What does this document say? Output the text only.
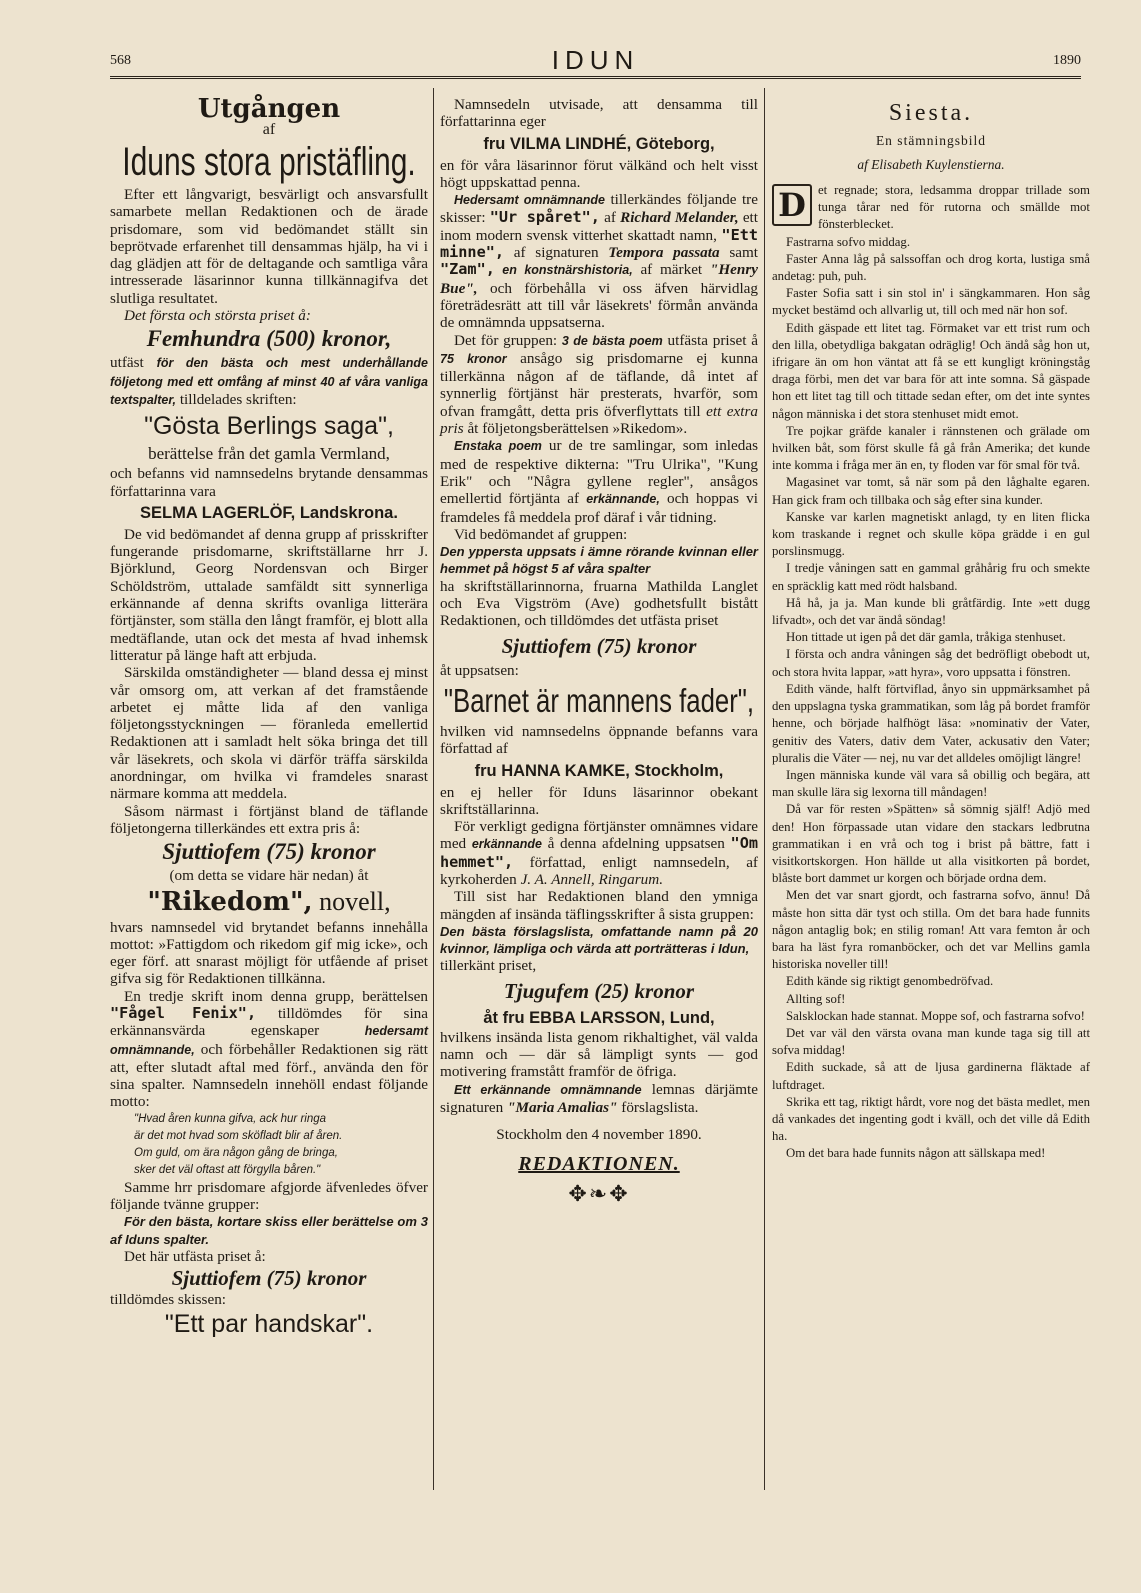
568	IDUN	1890
Utgången
af
Iduns stora pristäfling.

Efter ett långvarigt, besvärligt och ansvarsfullt samarbete mellan Redaktionen och de ärade prisdomare, som vid bedömandet ställt sin beprötvade erfarenhet till densammas hjälp, ha vi i dag glädjen att för de deltagande och samtliga våra intresserade läsarinnor kunna tillkännagifva det slutliga resultatet.

Det första och största priset å:

Femhundra (500) kronor,

utfäst för den bästa och mest underhållande följetong med ett omfång af minst 40 af våra vanliga textspalter, tilldelades skriften:

"Gösta Berlings saga",

berättelse från det gamla Vermland,

och befanns vid namnsedelns brytande densammas författarinna vara

SELMA LAGERLÖF, Landskrona.

De vid bedömandet af denna grupp af prisskrifter fungerande prisdomarne, skriftställarne hrr J. Björklund, Georg Nordensvan och Birger Schöldström, uttalade samfäldt sitt synnerliga erkännande af denna skrifts ovanliga litterära förtjänster, som ställa den långt framför, ej blott alla medtäflande, utan ock det mesta af hvad inhemsk litteratur på länge haft att erbjuda.

Särskilda omständigheter — bland dessa ej minst vår omsorg om, att verkan af det framstående arbetet ej måtte lida af den vanliga följetongsstyckningen — föranleda emellertid Redaktionen att i samladt helt söka bringa det till vår läsekrets, och skola vi därför träffa särskilda anordningar, om hvilka vi framdeles snarast närmare komma att meddela.

Såsom närmast i förtjänst bland de täflande följetongerna tillerkändes ett extra pris å:

Sjuttiofem (75) kronor

(om detta se vidare här nedan) åt

"Rikedom", novell,

hvars namnsedel vid brytandet befanns innehålla mottot: »Fattigdom och rikedom gif mig icke», och eger förf. att snarast möjligt för utfående af priset gifva sig för Redaktionen tillkänna.

En tredje skrift inom denna grupp, berättelsen "Fågel Fenix", tilldömdes för sina erkännansvärda egenskaper hedersamt omnämnande, och förbehåller Redaktionen sig rätt att, efter slutadt aftal med förf., använda den för sina spalter. Namnsedeln innehöll endast följande motto:

"Hvad åren kunna gifva, ack hur ringa
är det mot hvad som sköfladt blir af åren.
Om guld, om ära någon gång de bringa,
sker det väl oftast att förgylla båren."

Samme hrr prisdomare afgjorde äfvenledes öfver följande tvänne grupper:

För den bästa, kortare skiss eller berättelse om 3 af Iduns spalter.

Det här utfästa priset å:

Sjuttiofem (75) kronor

tilldömdes skissen:

"Ett par handskar".

Namnsedeln utvisade, att densamma till författarinna eger

fru VILMA LINDHÉ, Göteborg,

en för våra läsarinnor förut välkänd och helt visst högt uppskattad penna.

Hedersamt omnämnande tillerkändes följande tre skisser: "Ur spåret", af Richard Melander, ett inom modern svensk vitterhet skattadt namn, "Ett minne", af signaturen Tempora passata samt "Zam", en konstnärshistoria, af märket "Henry Bue", och förbehålla vi oss äfven härvidlag företrädesrätt att till vår läsekrets' förmån använda de omnämnda uppsatserna.

Det för gruppen: 3 de bästa poem utfästa priset å 75 kronor ansågo sig prisdomarne ej kunna tillerkänna någon af de täflande, då intet af synnerlig förtjänst här presterats, hvarför, som ofvan framgått, detta pris öfverflyttats till ett extra pris åt följetongsberättelsen »Rikedom».

Enstaka poem ur de tre samlingar, som inledas med de respektive dikterna: "Tru Ulrika", "Kung Erik" och "Några gyllene regler", ansågos emellertid förtjänta af erkännande, och hoppas vi framdeles få meddela prof däraf i vår tidning.

Vid bedömandet af gruppen:

Den yppersta uppsats i ämne rörande kvinnan eller hemmet på högst 5 af våra spalter

ha skriftställarinnorna, fruarna Mathilda Langlet och Eva Vigström (Ave) godhetsfullt bistått Redaktionen, och tilldömdes det utfästa priset

Sjuttiofem (75) kronor

åt uppsatsen:

"Barnet är mannens fader",

hvilken vid namnsedelns öppnande befanns vara författad af

fru HANNA KAMKE, Stockholm,

en ej heller för Iduns läsarinnor obekant skriftställarinna.

För verkligt gedigna förtjänster omnämnes vidare med erkännande å denna afdelning uppsatsen "Om hemmet", författad, enligt namnsedeln, af kyrkoherden J. A. Annell, Ringarum.

Till sist har Redaktionen bland den ymniga mängden af insända täflingsskrifter å sista gruppen:

Den bästa förslagslista, omfattande namn på 20 kvinnor, lämpliga och värda att porträtteras i Idun,

tillerkänt priset,

Tjugufem (25) kronor
åt fru EBBA LARSSON, Lund,

hvilkens insända lista genom rikhaltighet, väl valda namn och — där så lämpligt synts — god motivering framstått framför de öfriga.

Ett erkännande omnämnande lemnas därjämte signaturen "Maria Amalias" förslagslista.

Stockholm den 4 november 1890.

REDAKTIONEN.
✥❧✥
Siesta.
En stämningsbild
af Elisabeth Kuylenstierna.

D et regnade; stora, ledsamma droppar trillade som tunga tårar ned för rutorna och smällde mot fönsterblecket.

Fastrarna sofvo middag.

Faster Anna låg på salssoffan och drog korta, lustiga små andetag: puh, puh.

Faster Sofia satt i sin stol in' i sängkammaren. Hon såg mycket bestämd och allvarlig ut, till och med när hon sof.

Edith gäspade ett litet tag. Förmaket var ett trist rum och den lilla, obetydliga bakgatan odräglig! Och ändå såg hon ut, ifrigare än om hon väntat att få se ett kungligt kröningståg draga förbi, men det var bara för att inte somna. Så gäspade hon ett litet tag till och tittade sedan efter, om det inte syntes någon människa i det stora stenhuset midt emot.

Tre pojkar gräfde kanaler i rännstenen och grälade om hvilken båt, som först skulle få gå från Amerika; det kunde inte komma i fråga mer än en, ty floden var för smal för två.

Magasinet var tomt, så när som på den låghalte egaren. Han gick fram och tillbaka och såg efter sina kunder.

Kanske var karlen magnetiskt anlagd, ty en liten flicka kom traskande i regnet och skulle köpa grädde i en gul porslinsmugg.

I tredje våningen satt en gammal gråhårig fru och smekte en spräcklig katt med rödt halsband.

Hå hå, ja ja. Man kunde bli gråtfärdig. Inte »ett dugg lifvadt», och det var ändå söndag!

Hon tittade ut igen på det där gamla, tråkiga stenhuset.

I första och andra våningen såg det bedröfligt obebodt ut, och stora hvita lappar, »att hyra», voro uppsatta i fönstren.

Edith vände, halft förtviflad, ånyo sin uppmärksamhet på den uppslagna tyska grammatikan, som låg på bordet framför henne, och började halfhögt läsa: »nominativ der Vater, genitiv des Vaters, dativ dem Vater, ackusativ den Vater; pluralis die Väter — nej, nu var det alldeles omöjligt längre!

Ingen människa kunde väl vara så obillig och begära, att man skulle lära sig lexorna till måndagen!

Då var för resten »Spätten» så sömnig själf! Adjö med den! Hon förpassade utan vidare den stackars ledbrutna grammatikan i en vrå och tog i brist på bättre, fatt i visitkortskorgen. Hon hällde ut alla visitkorten på bordet, blåste bort dammet ur korgen och började ordna dem.

Men det var snart gjordt, och fastrarna sofvo, ännu! Då måste hon sitta där tyst och stilla. Om det bara hade funnits någon antaglig bok; en stilig roman! Att vara femton år och bara ha läst fyra romanböcker, och det var Mellins gamla historiska noveller till!

Edith kände sig riktigt genombedröfvad.

Allting sof!

Salsklockan hade stannat. Moppe sof, och fastrarna sofvo!

Det var väl den värsta ovana man kunde taga sig till att sofva middag!

Edith suckade, så att de ljusa gardinerna fläktade af luftdraget.

Skrika ett tag, riktigt hårdt, vore nog det bästa medlet, men då vankades det ingenting godt i kväll, och det ville då Edith ha.

Om det bara hade funnits någon att sällskapa med!
